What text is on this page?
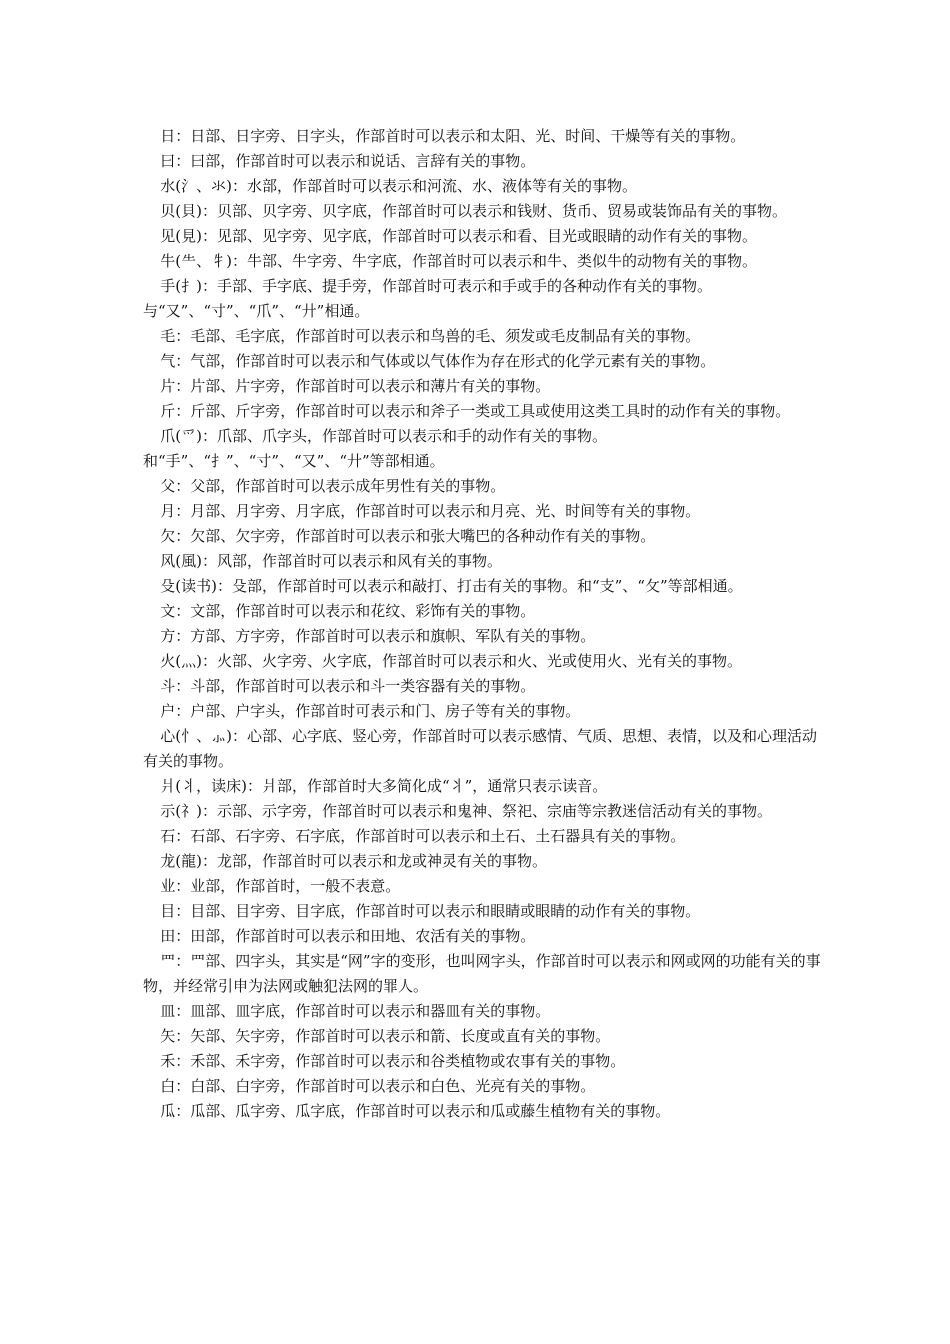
日：日部、日字旁、日字头，作部首时可以表示和太阳、光、时间、干燥等有关的事物。

曰：曰部，作部首时可以表示和说话、言辞有关的事物。

水(氵、氺)：水部，作部首时可以表示和河流、水、液体等有关的事物。

贝(貝)：贝部、贝字旁、贝字底，作部首时可以表示和钱财、货币、贸易或装饰品有关的事物。

见(見)：见部、见字旁、见字底，作部首时可以表示和看、目光或眼睛的动作有关的事物。

牛(⺧、牜)：牛部、牛字旁、牛字底，作部首时可以表示和牛、类似牛的动物有关的事物。

手(扌)：手部、手字底、提手旁，作部首时可表示和手或手的各种动作有关的事物。与“又”、“寸”、“爪”、“廾”相通。

毛：毛部、毛字底，作部首时可以表示和鸟兽的毛、须发或毛皮制品有关的事物。

气：气部，作部首时可以表示和气体或以气体作为存在形式的化学元素有关的事物。

片：片部、片字旁，作部首时可以表示和薄片有关的事物。

斤：斤部、斤字旁，作部首时可以表示和斧子一类或工具或使用这类工具时的动作有关的事物。

爪(爫)：爪部、爪字头，作部首时可以表示和手的动作有关的事物。和“手”、“扌”、“寸”、“又”、“廾”等部相通。

父：父部，作部首时可以表示成年男性有关的事物。

月：月部、月字旁、月字底，作部首时可以表示和月亮、光、时间等有关的事物。

欠：欠部、欠字旁，作部首时可以表示和张大嘴巴的各种动作有关的事物。

风(風)：风部，作部首时可以表示和风有关的事物。

殳(读书)：殳部，作部首时可以表示和敲打、打击有关的事物。和“支”、“攵”等部相通。

文：文部，作部首时可以表示和花纹、彩饰有关的事物。

方：方部、方字旁，作部首时可以表示和旗帜、军队有关的事物。

火(灬)：火部、火字旁、火字底，作部首时可以表示和火、光或使用火、光有关的事物。

斗：斗部，作部首时可以表示和斗一类容器有关的事物。

户：户部、户字头，作部首时可表示和门、房子等有关的事物。

心(忄、⺗)：心部、心字底、竖心旁，作部首时可以表示感情、气质、思想、表情，以及和心理活动有关的事物。

爿(丬，读床)：爿部，作部首时大多简化成“丬”，通常只表示读音。

示(礻)：示部、示字旁，作部首时可以表示和鬼神、祭祀、宗庙等宗教迷信活动有关的事物。

石：石部、石字旁、石字底，作部首时可以表示和土石、土石器具有关的事物。

龙(龍)：龙部，作部首时可以表示和龙或神灵有关的事物。

业：业部，作部首时，一般不表意。

目：目部、目字旁、目字底，作部首时可以表示和眼睛或眼睛的动作有关的事物。

田：田部，作部首时可以表示和田地、农活有关的事物。

罒：罒部、四字头，其实是“网”字的变形，也叫网字头，作部首时可以表示和网或网的功能有关的事物，并经常引申为法网或触犯法网的罪人。

皿：皿部、皿字底，作部首时可以表示和器皿有关的事物。

矢：矢部、矢字旁，作部首时可以表示和箭、长度或直有关的事物。

禾：禾部、禾字旁，作部首时可以表示和谷类植物或农事有关的事物。

白：白部、白字旁，作部首时可以表示和白色、光亮有关的事物。

瓜：瓜部、瓜字旁、瓜字底，作部首时可以表示和瓜或藤生植物有关的事物。
